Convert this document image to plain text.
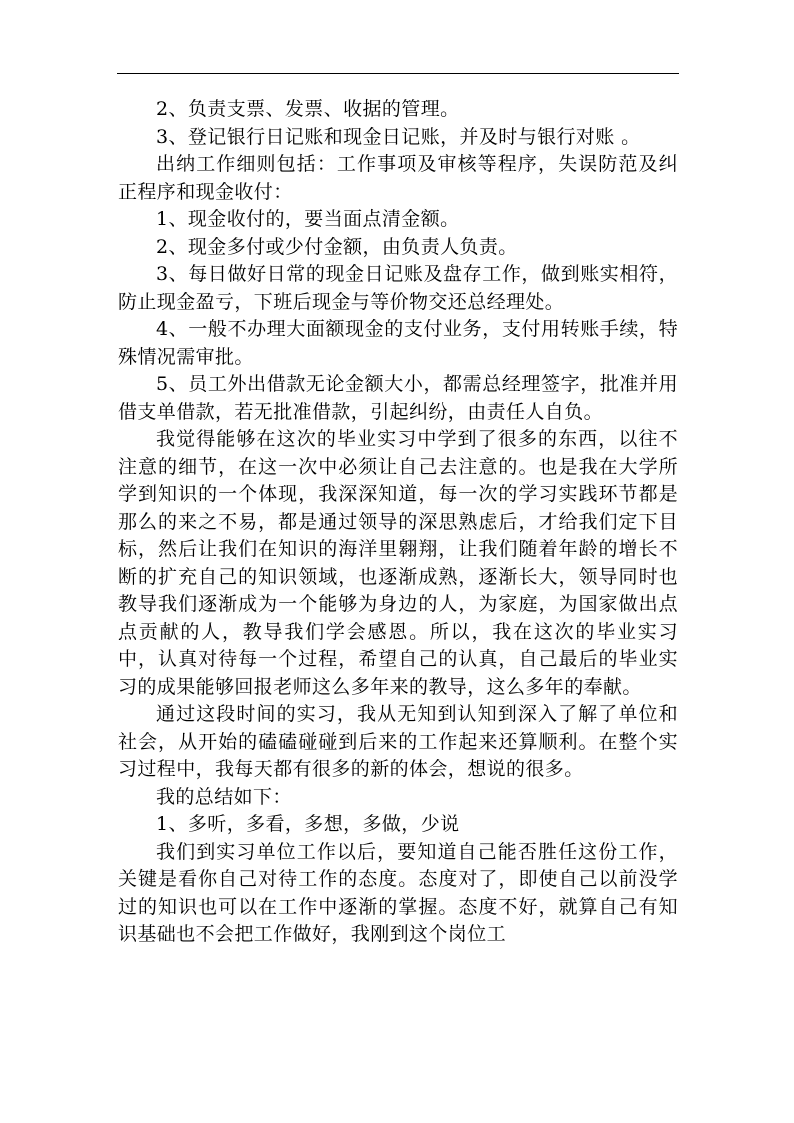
2、负责支票、发票、收据的管理。

3、登记银行日记账和现金日记账，并及时与银行对账 。

出纳工作细则包括：工作事项及审核等程序，失误防范及纠正程序和现金收付：

1、现金收付的，要当面点清金额。

2、现金多付或少付金额，由负责人负责。

3、每日做好日常的现金日记账及盘存工作，做到账实相符，防止现金盈亏，下班后现金与等价物交还总经理处。

4、一般不办理大面额现金的支付业务，支付用转账手续，特殊情况需审批。

5、员工外出借款无论金额大小，都需总经理签字，批准并用借支单借款，若无批准借款，引起纠纷，由责任人自负。

我觉得能够在这次的毕业实习中学到了很多的东西，以往不注意的细节，在这一次中必须让自己去注意的。也是我在大学所学到知识的一个体现，我深深知道，每一次的学习实践环节都是那么的来之不易，都是通过领导的深思熟虑后，才给我们定下目标，然后让我们在知识的海洋里翱翔，让我们随着年龄的增长不断的扩充自己的知识领域，也逐渐成熟，逐渐长大，领导同时也教导我们逐渐成为一个能够为身边的人，为家庭，为国家做出点点贡献的人，教导我们学会感恩。所以，我在这次的毕业实习中，认真对待每一个过程，希望自己的认真，自己最后的毕业实习的成果能够回报老师这么多年来的教导，这么多年的奉献。

通过这段时间的实习，我从无知到认知到深入了解了单位和社会，从开始的磕磕碰碰到后来的工作起来还算顺利。在整个实习过程中，我每天都有很多的新的体会，想说的很多。

我的总结如下：

1、多听，多看，多想，多做，少说

我们到实习单位工作以后，要知道自己能否胜任这份工作，关键是看你自己对待工作的态度。态度对了，即使自己以前没学过的知识也可以在工作中逐渐的掌握。态度不好，就算自己有知识基础也不会把工作做好，我刚到这个岗位工
